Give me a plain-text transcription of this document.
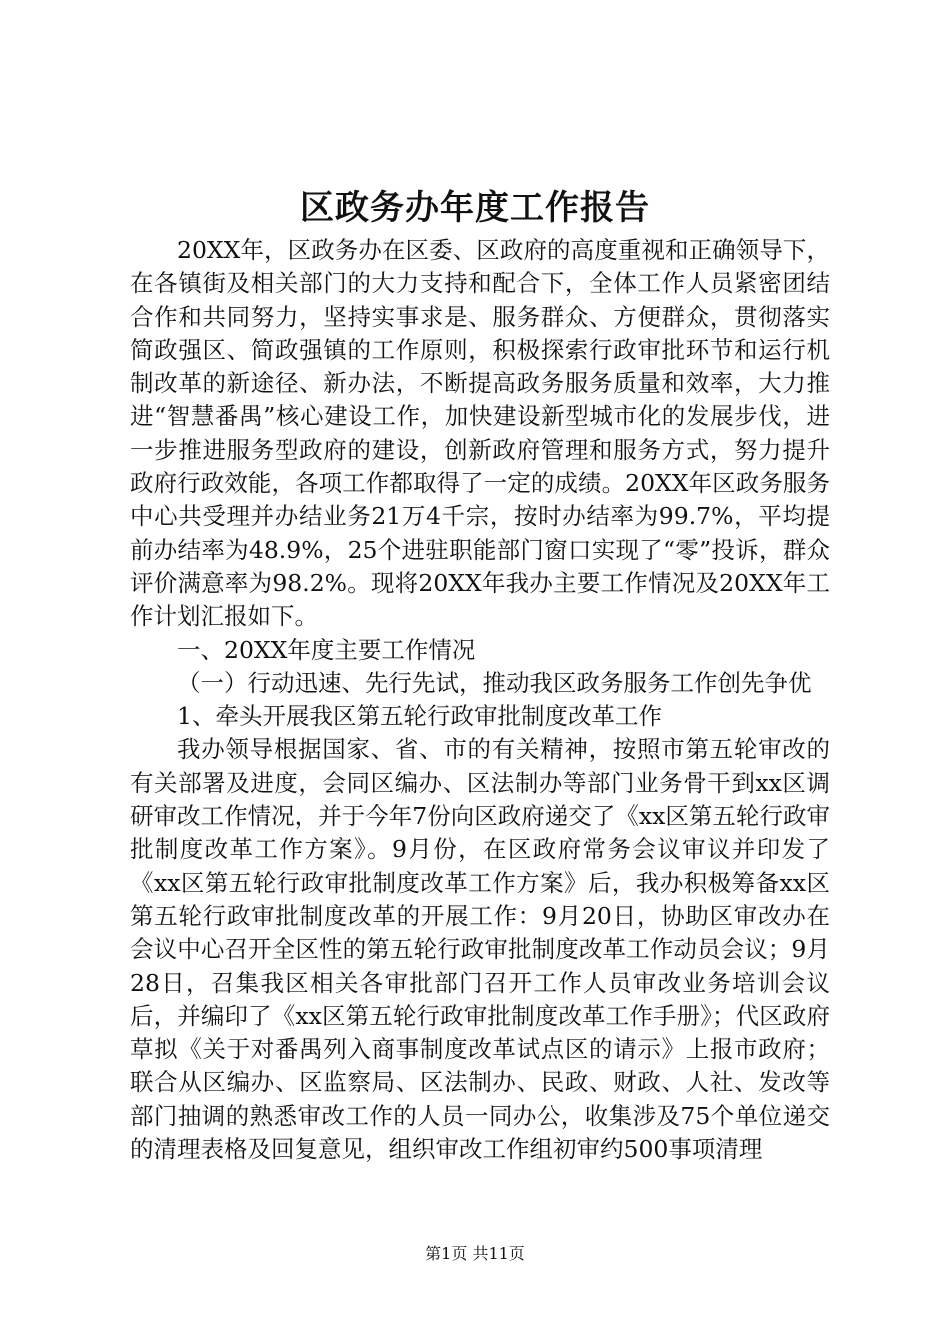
区政务办年度工作报告

20XX年，区政务办在区委、区政府的高度重视和正确领导下，在各镇街及相关部门的大力支持和配合下，全体工作人员紧密团结合作和共同努力，坚持实事求是、服务群众、方便群众，贯彻落实简政强区、简政强镇的工作原则，积极探索行政审批环节和运行机制改革的新途径、新办法，不断提高政务服务质量和效率，大力推进“智慧番禺”核心建设工作，加快建设新型城市化的发展步伐，进一步推进服务型政府的建设，创新政府管理和服务方式，努力提升政府行政效能，各项工作都取得了一定的成绩。20XX年区政务服务中心共受理并办结业务21万4千宗，按时办结率为99.7%，平均提前办结率为48.9%，25个进驻职能部门窗口实现了“零”投诉，群众评价满意率为98.2%。现将20XX年我办主要工作情况及20XX年工作计划汇报如下。

一、20XX年度主要工作情况

（一）行动迅速、先行先试，推动我区政务服务工作创先争优

1、牵头开展我区第五轮行政审批制度改革工作

我办领导根据国家、省、市的有关精神，按照市第五轮审改的有关部署及进度，会同区编办、区法制办等部门业务骨干到xx区调研审改工作情况，并于今年7份向区政府递交了《xx区第五轮行政审批制度改革工作方案》。9月份，在区政府常务会议审议并印发了《xx区第五轮行政审批制度改革工作方案》后，我办积极筹备xx区第五轮行政审批制度改革的开展工作：9月20日，协助区审改办在会议中心召开全区性的第五轮行政审批制度改革工作动员会议；9月28日，召集我区相关各审批部门召开工作人员审改业务培训会议后，并编印了《xx区第五轮行政审批制度改革工作手册》；代区政府草拟《关于对番禺列入商事制度改革试点区的请示》上报市政府；联合从区编办、区监察局、区法制办、民政、财政、人社、发改等部门抽调的熟悉审改工作的人员一同办公，收集涉及75个单位递交的清理表格及回复意见，组织审改工作组初审约500事项清理

第1页 共11页
